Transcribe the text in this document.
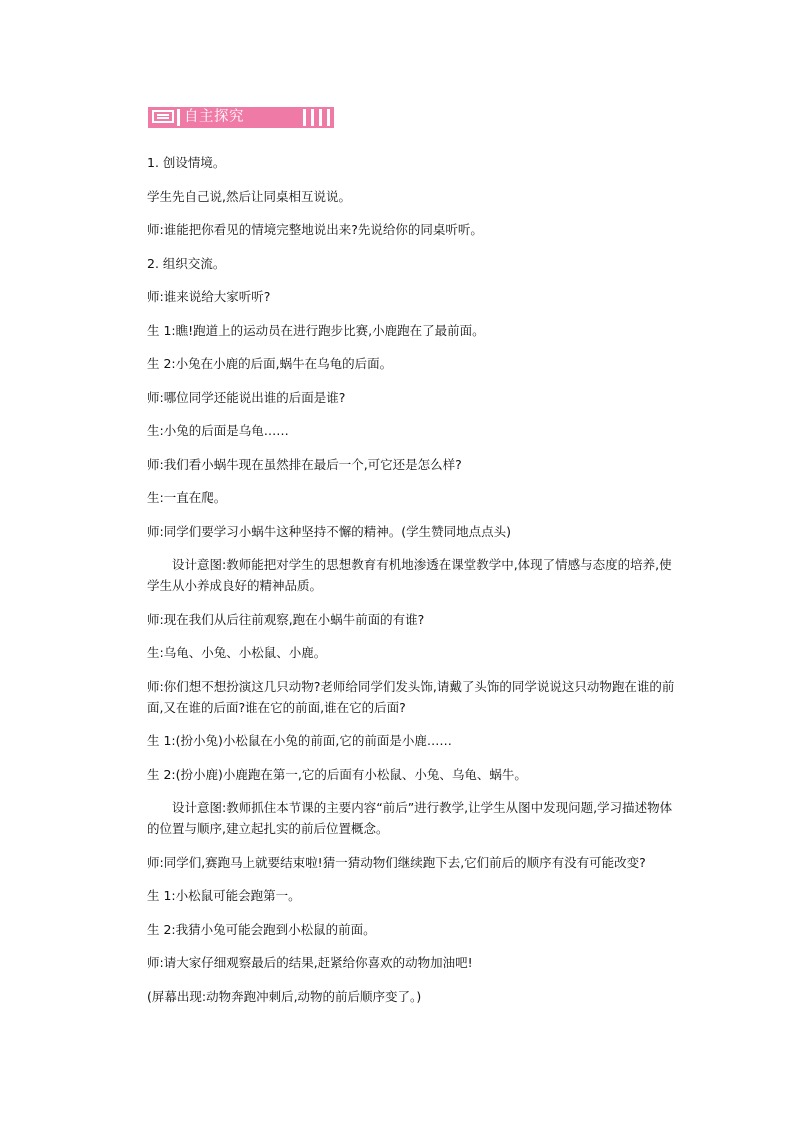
自主探究

1. 创设情境。

学生先自己说,然后让同桌相互说说。

师:谁能把你看见的情境完整地说出来?先说给你的同桌听听。

2. 组织交流。

师:谁来说给大家听听?

生 1:瞧!跑道上的运动员在进行跑步比赛,小鹿跑在了最前面。

生 2:小兔在小鹿的后面,蜗牛在乌龟的后面。

师:哪位同学还能说出谁的后面是谁?

生:小兔的后面是乌龟……

师:我们看小蜗牛现在虽然排在最后一个,可它还是怎么样?

生:一直在爬。

师:同学们要学习小蜗牛这种坚持不懈的精神。(学生赞同地点点头)

设计意图:教师能把对学生的思想教育有机地渗透在课堂教学中,体现了情感与态度的培养,使学生从小养成良好的精神品质。

师:现在我们从后往前观察,跑在小蜗牛前面的有谁?

生:乌龟、小兔、小松鼠、小鹿。

师:你们想不想扮演这几只动物?老师给同学们发头饰,请戴了头饰的同学说说这只动物跑在谁的前面,又在谁的后面?谁在它的前面,谁在它的后面?

生 1:(扮小兔)小松鼠在小兔的前面,它的前面是小鹿……

生 2:(扮小鹿)小鹿跑在第一,它的后面有小松鼠、小兔、乌龟、蜗牛。

设计意图:教师抓住本节课的主要内容“前后”进行教学,让学生从图中发现问题,学习描述物体的位置与顺序,建立起扎实的前后位置概念。

师:同学们,赛跑马上就要结束啦!猜一猜动物们继续跑下去,它们前后的顺序有没有可能改变?

生 1:小松鼠可能会跑第一。

生 2:我猜小兔可能会跑到小松鼠的前面。

师:请大家仔细观察最后的结果,赶紧给你喜欢的动物加油吧!

(屏幕出现:动物奔跑冲刺后,动物的前后顺序变了。)
